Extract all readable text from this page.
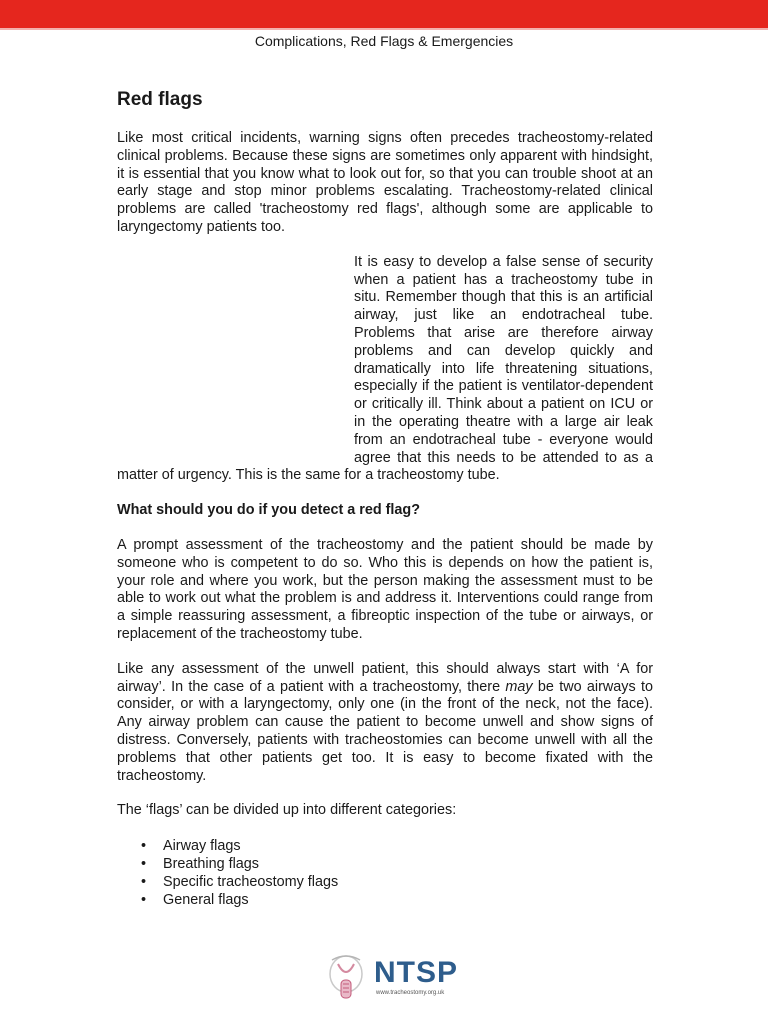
Complications, Red Flags & Emergencies
Red flags

Like most critical incidents, warning signs often precedes tracheostomy-related clinical problems. Because these signs are sometimes only apparent with hindsight, it is essential that you know what to look out for, so that you can trouble shoot at an early stage and stop minor problems escalating. Tracheostomy-related clinical problems are called 'tracheostomy red flags', although some are applicable to laryngectomy patients too.

It is easy to develop a false sense of security when a patient has a tracheostomy tube in situ. Remember though that this is an artificial airway, just like an endotracheal tube. Problems that arise are therefore airway problems and can develop quickly and dramatically into life threatening situations, especially if the patient is ventilator-dependent or critically ill. Think about a patient on ICU or in the operating theatre with a large air leak from an endotracheal tube - everyone would agree that this needs to be attended to as a matter of urgency. This is the same for a tracheostomy tube.

What should you do if you detect a red flag?

A prompt assessment of the tracheostomy and the patient should be made by someone who is competent to do so. Who this is depends on how the patient is, your role and where you work, but the person making the assessment must to be able to work out what the problem is and address it. Interventions could range from a simple reassuring assessment, a fibreoptic inspection of the tube or airways, or replacement of the tracheostomy tube.

Like any assessment of the unwell patient, this should always start with ‘A for airway’. In the case of a patient with a tracheostomy, there may be two airways to consider, or with a laryngectomy, only one (in the front of the neck, not the face). Any airway problem can cause the patient to become unwell and show signs of distress. Conversely, patients with tracheostomies can become unwell with all the problems that other patients get too. It is easy to become fixated with the tracheostomy.

The ‘flags’ can be divided up into different categories:

• Airway flags
• Breathing flags
• Specific tracheostomy flags
• General flags
NTSP
www.tracheostomy.org.uk
